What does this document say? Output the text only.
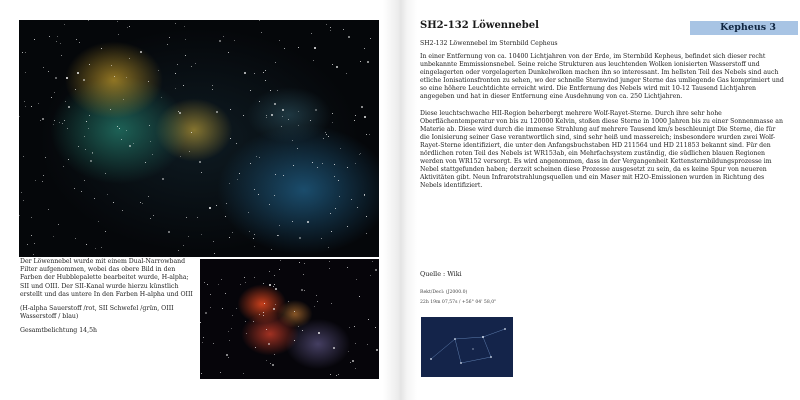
Der Löwennebel wurde mit einem Dual-Narrowband Filter aufgenommen, wobei das obere Bild in den Farben der Hubblepalette bearbeitet wurde, H-alpha; SII und OIII. Der SII-Kanal wurde hierzu künstlich erstellt und das untere In den Farben H-alpha und OIII

(H-alpha Sauerstoff /rot, SII Schwefel /grün, OIII Wasserstoff / blau)

Gesamtbelichtung 14,5h

SH2-132 Löwennebel	Kepheus 3
SH2-132 Löwennebel im Sternbild Cepheus

In einer Entfernung von ca. 10400 Lichtjahren von der Erde, im Sternbild Kepheus, befindet sich dieser recht unbekannte Emmissionsnebel. Seine reiche Strukturen aus leuchtenden Wolken ionisierten Wasserstoff und eingelagerten oder vorgelagerten Dunkelwolken machen ihn so interessant. Im hellsten Teil des Nebels sind auch etliche Ionisationsfronten zu sehen, wo der schnelle Sternwind junger Sterne das umliegende Gas komprimiert und so eine höhere Leuchtdichte erreicht wird. Die Entfernung des Nebels wird mit 10-12 Tausend Lichtjahren angegeben und hat in dieser Entfernung eine Ausdehnung von ca. 250 Lichtjahren.

Diese leuchtschwache HII-Region beherbergt mehrere Wolf-Rayet-Sterne. Durch ihre sehr hohe Oberflächentemperatur von bis zu 120000 Kelvin, stoßen diese Sterne in 1000 Jahren bis zu einer Sonnenmasse an Materie ab. Diese wird durch die immense Strahlung auf mehrere Tausend km/s beschleunigt Die Sterne, die für die Ionisierung seiner Gase verantwortlich sind, sind sehr heiß und massereich; insbesondere wurden zwei Wolf-Rayet-Sterne identifiziert, die unter den Anfangsbuchstaben HD 211564 und HD 211853 bekannt sind. Für den nördlichen roten Teil des Nebels ist WR153ab, ein Mehrfachsystem zuständig, die südlichen blauen Regionen werden von WR152 versorgt. Es wird angenommen, dass in der Vergangenheit Kettensternbildungsprozesse im Nebel stattgefunden haben; derzeit scheinen diese Prozesse ausgesetzt zu sein, da es keine Spur von neueren Aktivitäten gibt. Neun Infrarotstrahlungsquellen und ein Maser mit H2O-Emissionen wurden in Richtung des Nebels identifiziert.

Quelle : Wiki
Rekt/Decl: (J2000.0)
22h 19m 07,57s / +56° 04' 58,0"
